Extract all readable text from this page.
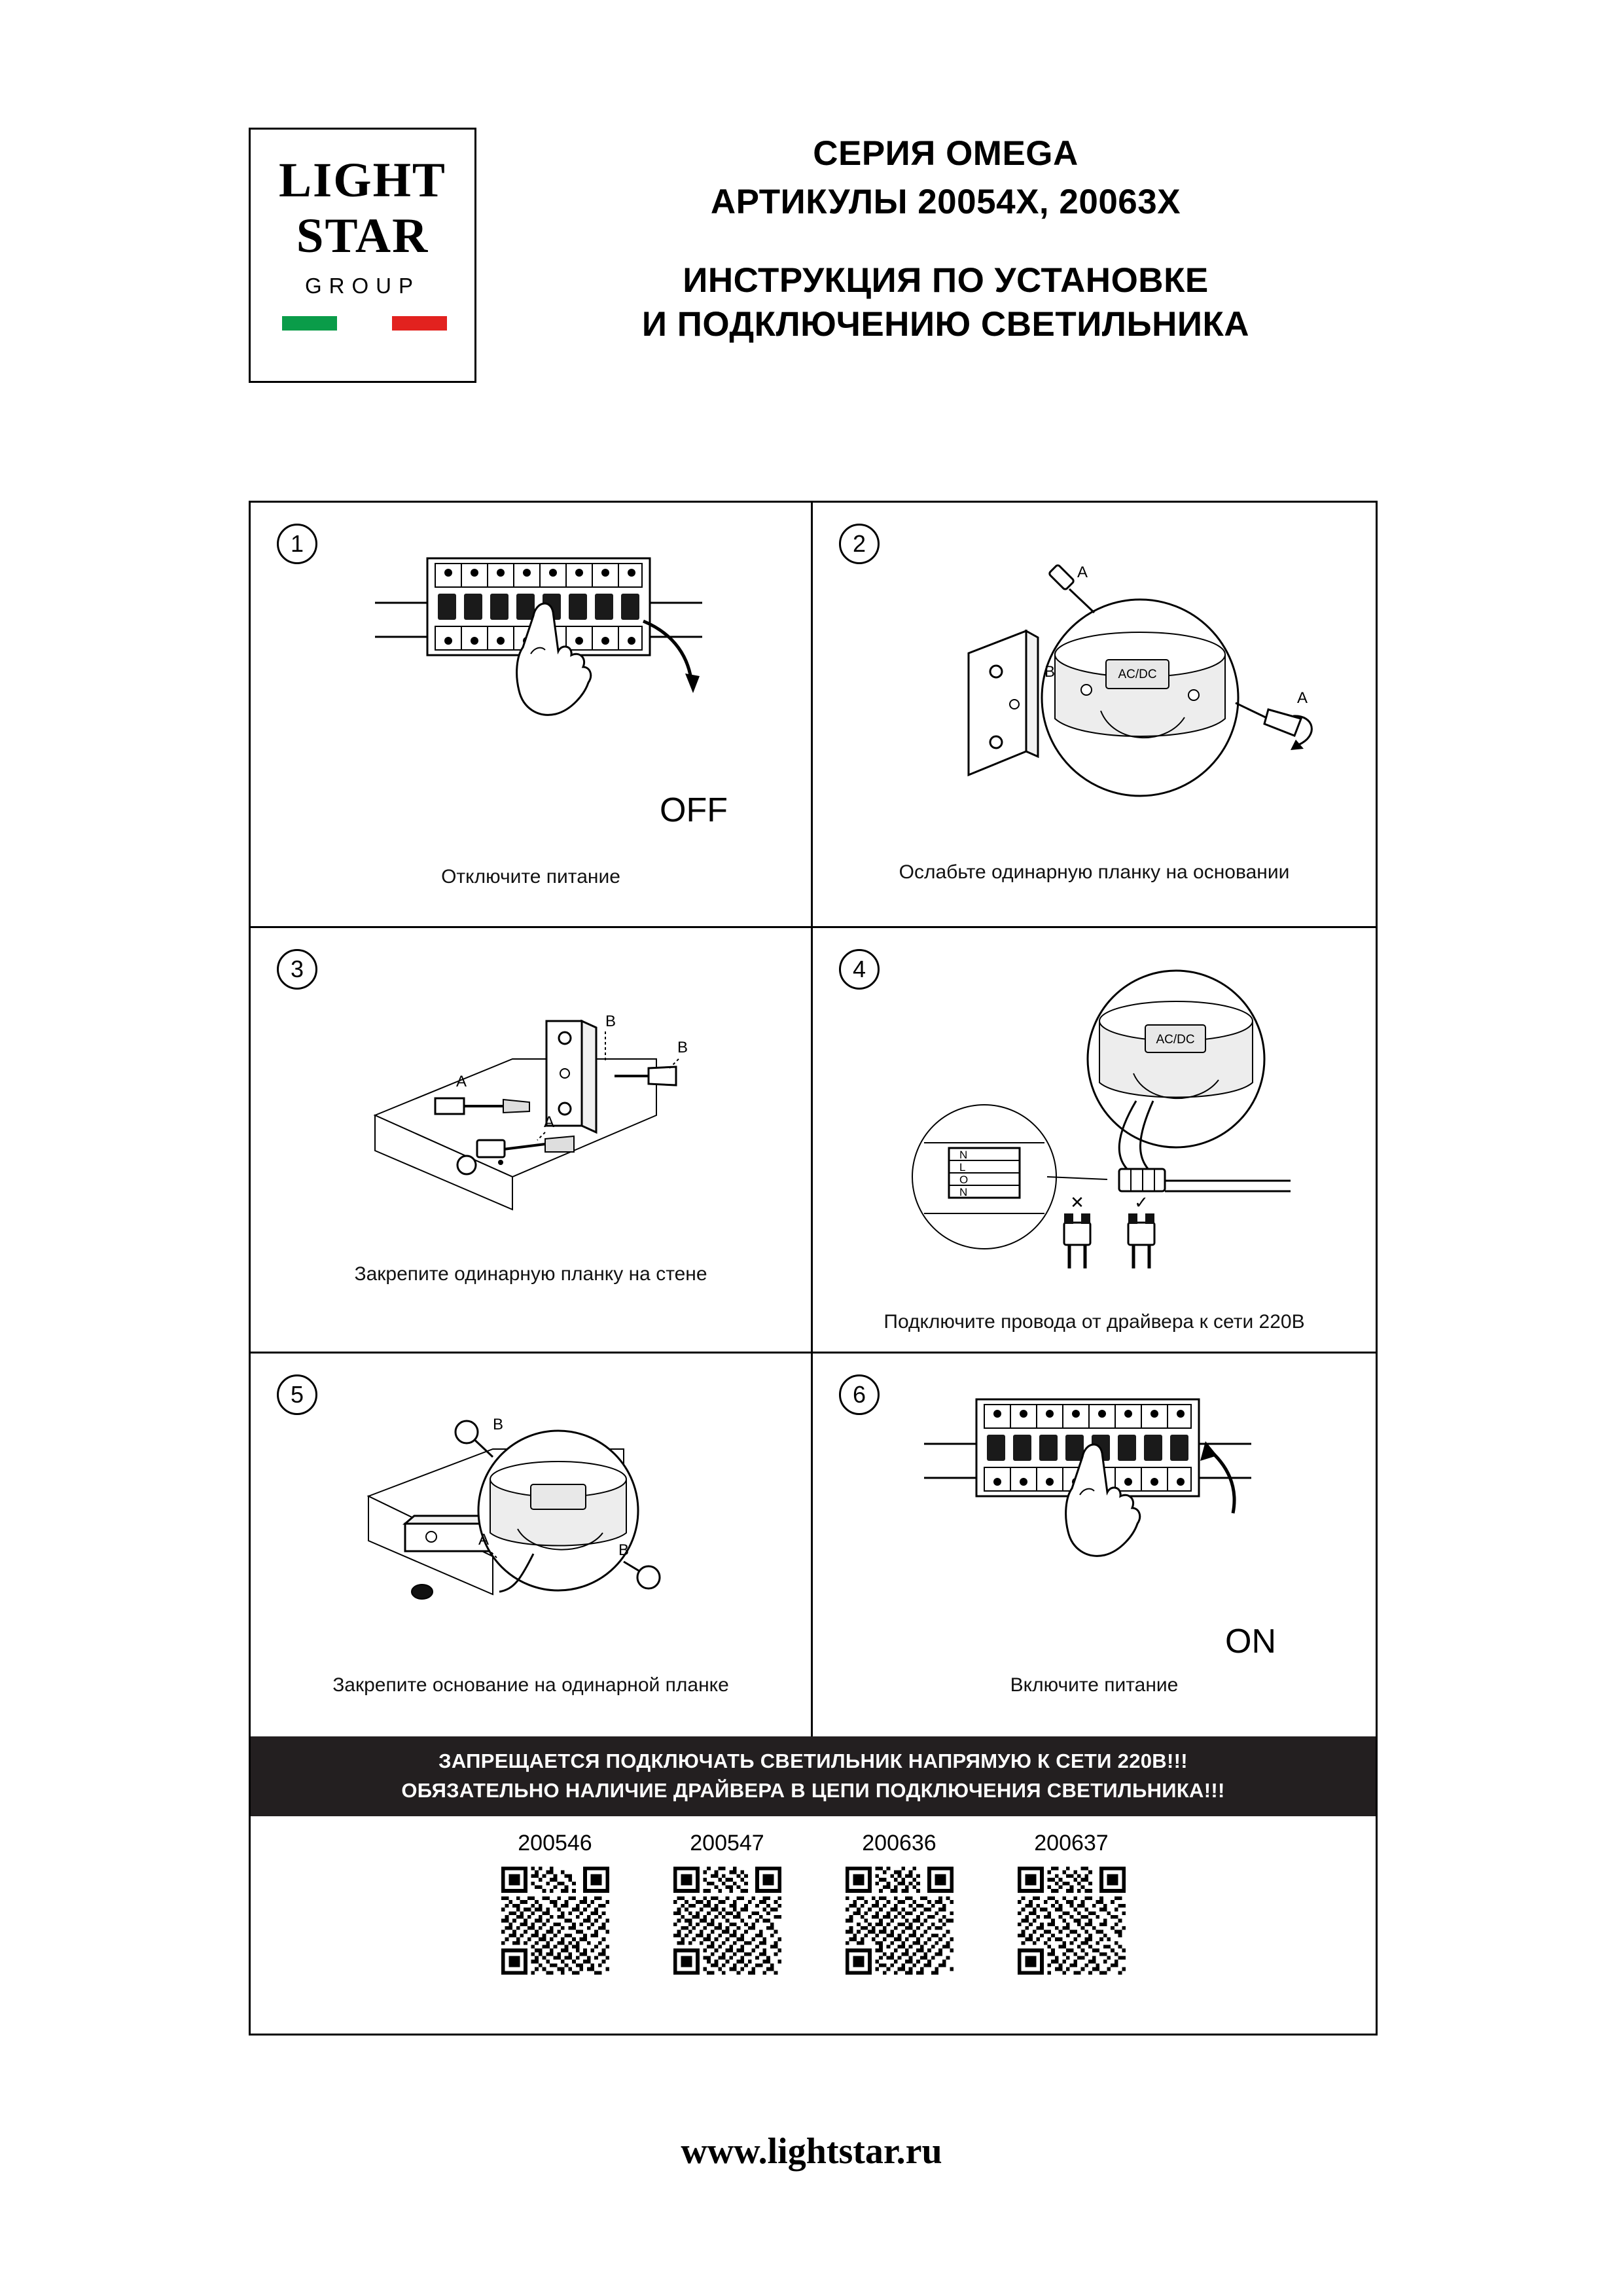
LIGHT
STAR
GROUP
СЕРИЯ OMEGA
АРТИКУЛЫ 20054Х, 20063Х
ИНСТРУКЦИЯ ПО УСТАНОВКЕ
И ПОДКЛЮЧЕНИЮ СВЕТИЛЬНИКА
1
OFF
Отключите питание
2
AC/DC
A
B
A
Ослабьте одинарную планку на основании
3
A
B
B
A
Закрепите одинарную планку на стене
4
AC/DC
N
L
O
N
✕	✓
Подключите провода от драйвера к сети 220В
5
B
B
A
Закрепите основание на одинарной планке
6
ON
Включите питание
ЗАПРЕЩАЕТСЯ ПОДКЛЮЧАТЬ СВЕТИЛЬНИК НАПРЯМУЮ К СЕТИ 220В!!!
ОБЯЗАТЕЛЬНО НАЛИЧИЕ ДРАЙВЕРА В ЦЕПИ ПОДКЛЮЧЕНИЯ СВЕТИЛЬНИКА!!!
200546	200547	200636	200637
www.lightstar.ru
